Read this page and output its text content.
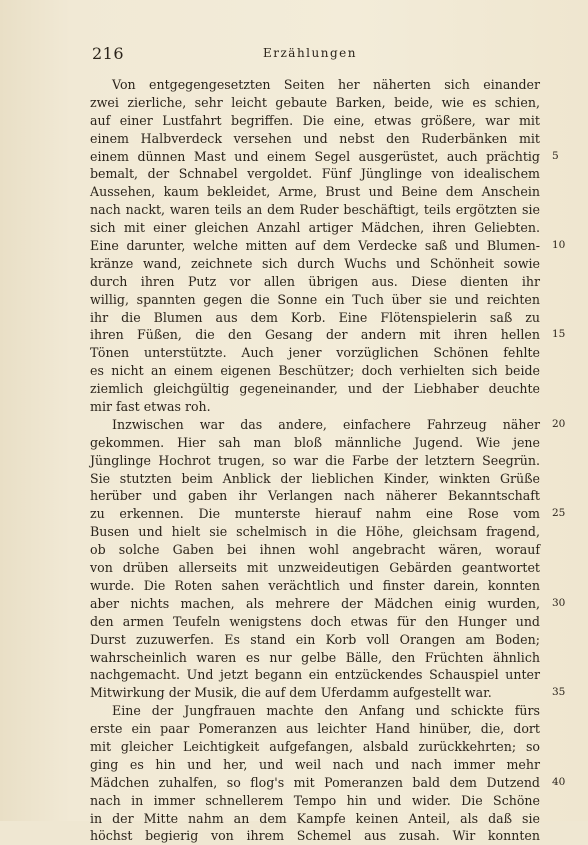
216	Erzählungen
Von entgegengesetzten Seiten her näherten sich einander
zwei zierliche, sehr leicht gebaute Barken, beide, wie es schien,
auf einer Lustfahrt begriffen. Die eine, etwas größere, war mit
einem Halbverdeck versehen und nebst den Ruderbänken mit
einem dünnen Mast und einem Segel ausgerüstet, auch prächtig 5
bemalt, der Schnabel vergoldet. Fünf Jünglinge von idealischem
Aussehen, kaum bekleidet, Arme, Brust und Beine dem Anschein
nach nackt, waren teils an dem Ruder beschäftigt, teils ergötzten sie
sich mit einer gleichen Anzahl artiger Mädchen, ihren Geliebten.
Eine darunter, welche mitten auf dem Verdecke saß und Blumen- 10
kränze wand, zeichnete sich durch Wuchs und Schönheit sowie
durch ihren Putz vor allen übrigen aus. Diese dienten ihr
willig, spannten gegen die Sonne ein Tuch über sie und reichten
ihr die Blumen aus dem Korb. Eine Flötenspielerin saß zu
ihren Füßen, die den Gesang der andern mit ihren hellen 15
Tönen unterstützte. Auch jener vorzüglichen Schönen fehlte
es nicht an einem eigenen Beschützer; doch verhielten sich beide
ziemlich gleichgültig gegeneinander, und der Liebhaber deuchte
mir fast etwas roh.
Inzwischen war das andere, einfachere Fahrzeug näher 20
gekommen. Hier sah man bloß männliche Jugend. Wie jene
Jünglinge Hochrot trugen, so war die Farbe der letztern Seegrün.
Sie stutzten beim Anblick der lieblichen Kinder, winkten Grüße
herüber und gaben ihr Verlangen nach näherer Bekanntschaft
zu erkennen. Die munterste hierauf nahm eine Rose vom 25
Busen und hielt sie schelmisch in die Höhe, gleichsam fragend,
ob solche Gaben bei ihnen wohl angebracht wären, worauf
von drüben allerseits mit unzweideutigen Gebärden geantwortet
wurde. Die Roten sahen verächtlich und finster darein, konnten
aber nichts machen, als mehrere der Mädchen einig wurden, 30
den armen Teufeln wenigstens doch etwas für den Hunger und
Durst zuzuwerfen. Es stand ein Korb voll Orangen am Boden;
wahrscheinlich waren es nur gelbe Bälle, den Früchten ähnlich
nachgemacht. Und jetzt begann ein entzückendes Schauspiel unter
Mitwirkung der Musik, die auf dem Uferdamm aufgestellt war.	35
Eine der Jungfrauen machte den Anfang und schickte fürs
erste ein paar Pomeranzen aus leichter Hand hinüber, die, dort
mit gleicher Leichtigkeit aufgefangen, alsbald zurückkehrten; so
ging es hin und her, und weil nach und nach immer mehr
Mädchen zuhalfen, so flog's mit Pomeranzen bald dem Dutzend 40
nach in immer schnellerem Tempo hin und wider. Die Schöne
in der Mitte nahm an dem Kampfe keinen Anteil, als daß sie
höchst begierig von ihrem Schemel aus zusah. Wir konnten
